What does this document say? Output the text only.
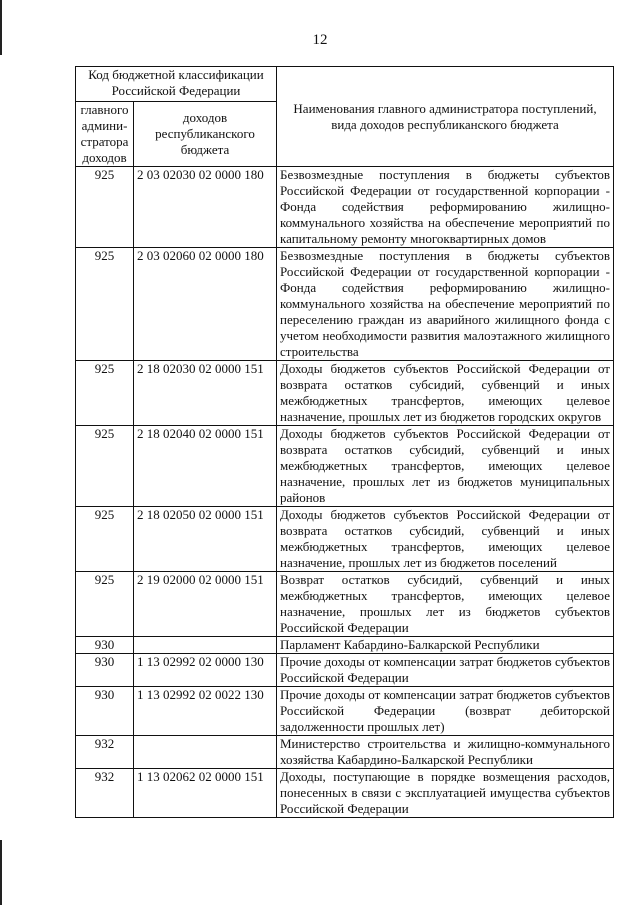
12
Код бюджетной классификации Российской Федерации		Наименования главного администратора поступлений, вида доходов республиканского бюджета
главного админи-стратора доходов	доходов республиканского бюджета	
925	2 03 02030 02 0000 180	Безвозмездные поступления в бюджеты субъектов Российской Федерации от государственной корпорации - Фонда содействия реформированию жилищно-коммунального хозяйства на обеспечение мероприятий по капитальному ремонту многоквартирных домов
925	2 03 02060 02 0000 180	Безвозмездные поступления в бюджеты субъектов Российской Федерации от государственной корпорации - Фонда содействия реформированию жилищно-коммунального хозяйства на обеспечение мероприятий по переселению граждан из аварийного жилищного фонда с учетом необходимости развития малоэтажного жилищного строительства
925	2 18 02030 02 0000 151	Доходы бюджетов субъектов Российской Федерации от возврата остатков субсидий, субвенций и иных межбюджетных трансфертов, имеющих целевое назначение, прошлых лет из бюджетов городских округов
925	2 18 02040 02 0000 151	Доходы бюджетов субъектов Российской Федерации от возврата остатков субсидий, субвенций и иных межбюджетных трансфертов, имеющих целевое назначение, прошлых лет из бюджетов муниципальных районов
925	2 18 02050 02 0000 151	Доходы бюджетов субъектов Российской Федерации от возврата остатков субсидий, субвенций и иных межбюджетных трансфертов, имеющих целевое назначение, прошлых лет из бюджетов поселений
925	2 19 02000 02 0000 151	Возврат остатков субсидий, субвенций и иных межбюджетных трансфертов, имеющих целевое назначение, прошлых лет из бюджетов субъектов Российской Федерации
930		Парламент Кабардино-Балкарской Республики
930	1 13 02992 02 0000 130	Прочие доходы от компенсации затрат бюджетов субъектов Российской Федерации
930	1 13 02992 02 0022 130	Прочие доходы от компенсации затрат бюджетов субъектов Российской Федерации (возврат дебиторской задолженности прошлых лет)
932		Министерство строительства и жилищно-коммунального хозяйства Кабардино-Балкарской Республики
932	1 13 02062 02 0000 151	Доходы, поступающие в порядке возмещения расходов, понесенных в связи с эксплуатацией имущества субъектов Российской Федерации
